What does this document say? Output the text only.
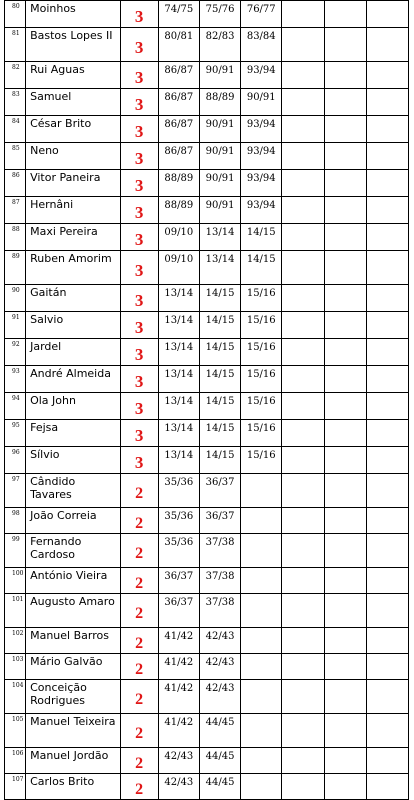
80	Moinhos	3	74/75	75/76	76/77			
81	Bastos Lopes II	3	80/81	82/83	83/84			
82	Rui Aguas	3	86/87	90/91	93/94			
83	Samuel	3	86/87	88/89	90/91			
84	César Brito	3	86/87	90/91	93/94			
85	Neno	3	86/87	90/91	93/94			
86	Vitor Paneira	3	88/89	90/91	93/94			
87	Hernâni	3	88/89	90/91	93/94			
88	Maxi Pereira	3	09/10	13/14	14/15			
89	Ruben Amorim	3	09/10	13/14	14/15			
90	Gaitán	3	13/14	14/15	15/16			
91	Salvio	3	13/14	14/15	15/16			
92	Jardel	3	13/14	14/15	15/16			
93	André Almeida	3	13/14	14/15	15/16			
94	Ola John	3	13/14	14/15	15/16			
95	Fejsa	3	13/14	14/15	15/16			
96	Sílvio	3	13/14	14/15	15/16			
97	Cândido Tavares	2	35/36	36/37				
98	João Correia	2	35/36	36/37				
99	Fernando Cardoso	2	35/36	37/38				
100	António Vieira	2	36/37	37/38				
101	Augusto Amaro	2	36/37	37/38				
102	Manuel Barros	2	41/42	42/43				
103	Mário Galvão	2	41/42	42/43				
104	Conceição Rodrigues	2	41/42	42/43				
105	Manuel Teixeira	2	41/42	44/45				
106	Manuel Jordão	2	42/43	44/45				
107	Carlos Brito	2	42/43	44/45				
